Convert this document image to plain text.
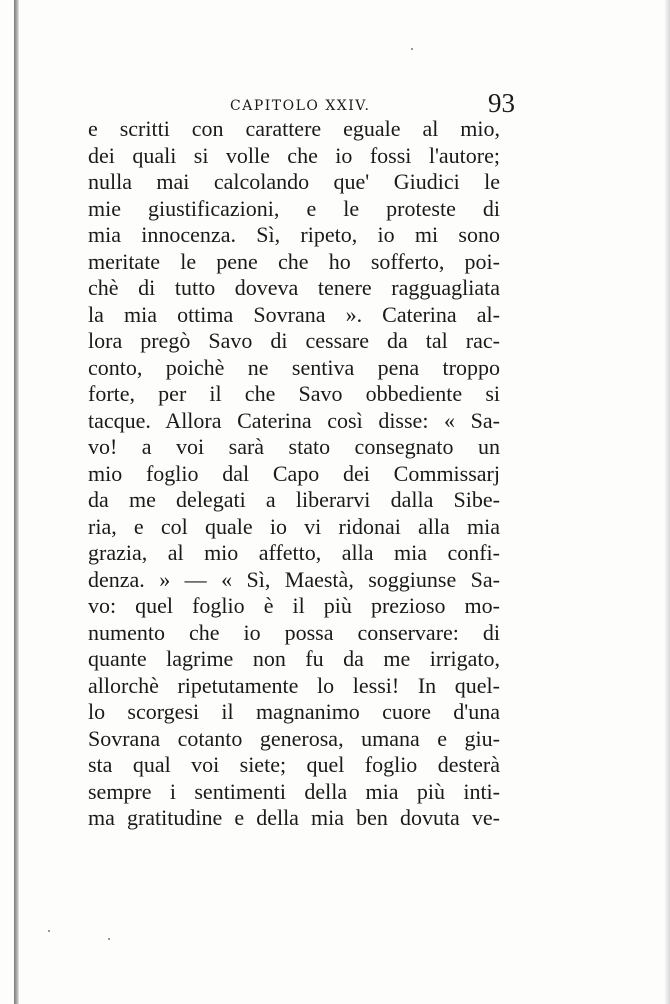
CAPITOLO XXIV.	93
e scritti con carattere eguale al mio,
dei quali si volle che io fossi l'autore;
nulla mai calcolando que' Giudici le
mie giustificazioni, e le proteste di
mia innocenza. Sì, ripeto, io mi sono
meritate le pene che ho sofferto, poi-
chè di tutto doveva tenere ragguagliata
la mia ottima Sovrana ». Caterina al-
lora pregò Savo di cessare da tal rac-
conto, poichè ne sentiva pena troppo
forte, per il che Savo obbediente si
tacque. Allora Caterina così disse: « Sa-
vo! a voi sarà stato consegnato un
mio foglio dal Capo dei Commissarj
da me delegati a liberarvi dalla Sibe-
ria, e col quale io vi ridonai alla mia
grazia, al mio affetto, alla mia confi-
denza. » — « Sì, Maestà, soggiunse Sa-
vo: quel foglio è il più prezioso mo-
numento che io possa conservare: di
quante lagrime non fu da me irrigato,
allorchè ripetutamente lo lessi! In quel-
lo scorgesi il magnanimo cuore d'una
Sovrana cotanto generosa, umana e giu-
sta qual voi siete; quel foglio desterà
sempre i sentimenti della mia più inti-
ma gratitudine e della mia ben dovuta ve-
